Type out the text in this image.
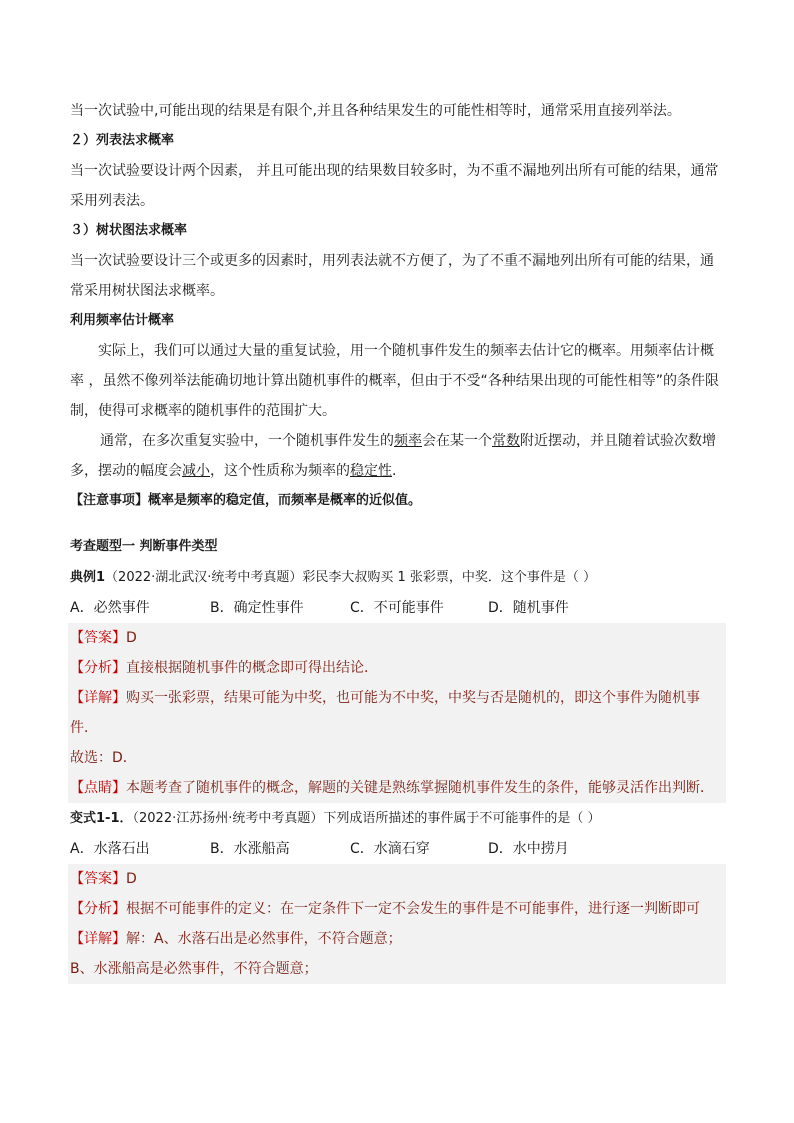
当一次试验中,可能出现的结果是有限个,并且各种结果发生的可能性相等时，通常采用直接列举法。

２）列表法求概率

当一次试验要设计两个因素， 并且可能出现的结果数目较多时，为不重不漏地列出所有可能的结果，通常采用列表法。

３）树状图法求概率

当一次试验要设计三个或更多的因素时，用列表法就不方便了，为了不重不漏地列出所有可能的结果，通常采用树状图法求概率。

利用频率估计概率

实际上，我们可以通过大量的重复试验，用一个随机事件发生的频率去估计它的概率。用频率估计概率 ，虽然不像列举法能确切地计算出随机事件的概率，但由于不受“各种结果出现的可能性相等”的条件限制，使得可求概率的随机事件的范围扩大。

通常，在多次重复实验中，一个随机事件发生的频率会在某一个常数附近摆动，并且随着试验次数增多，摆动的幅度会减小，这个性质称为频率的稳定性.

【注意事项】概率是频率的稳定值，而频率是概率的近似值。

考查题型一 判断事件类型

典例1（2022·湖北武汉·统考中考真题）彩民李大叔购买 1 张彩票，中奖．这个事件是（ ）

A．必然事件	B．确定性事件	C．不可能事件	D．随机事件

【答案】D

【分析】直接根据随机事件的概念即可得出结论．

【详解】购买一张彩票，结果可能为中奖，也可能为不中奖，中奖与否是随机的，即这个事件为随机事件．

故选：D．

【点睛】本题考查了随机事件的概念，解题的关键是熟练掌握随机事件发生的条件，能够灵活作出判断．

变式1-1．（2022·江苏扬州·统考中考真题）下列成语所描述的事件属于不可能事件的是（ ）

A．水落石出	B．水涨船高	C．水滴石穿	D．水中捞月

【答案】D

【分析】根据不可能事件的定义：在一定条件下一定不会发生的事件是不可能事件，进行逐一判断即可

【详解】解：A、水落石出是必然事件，不符合题意；

B、水涨船高是必然事件，不符合题意；
